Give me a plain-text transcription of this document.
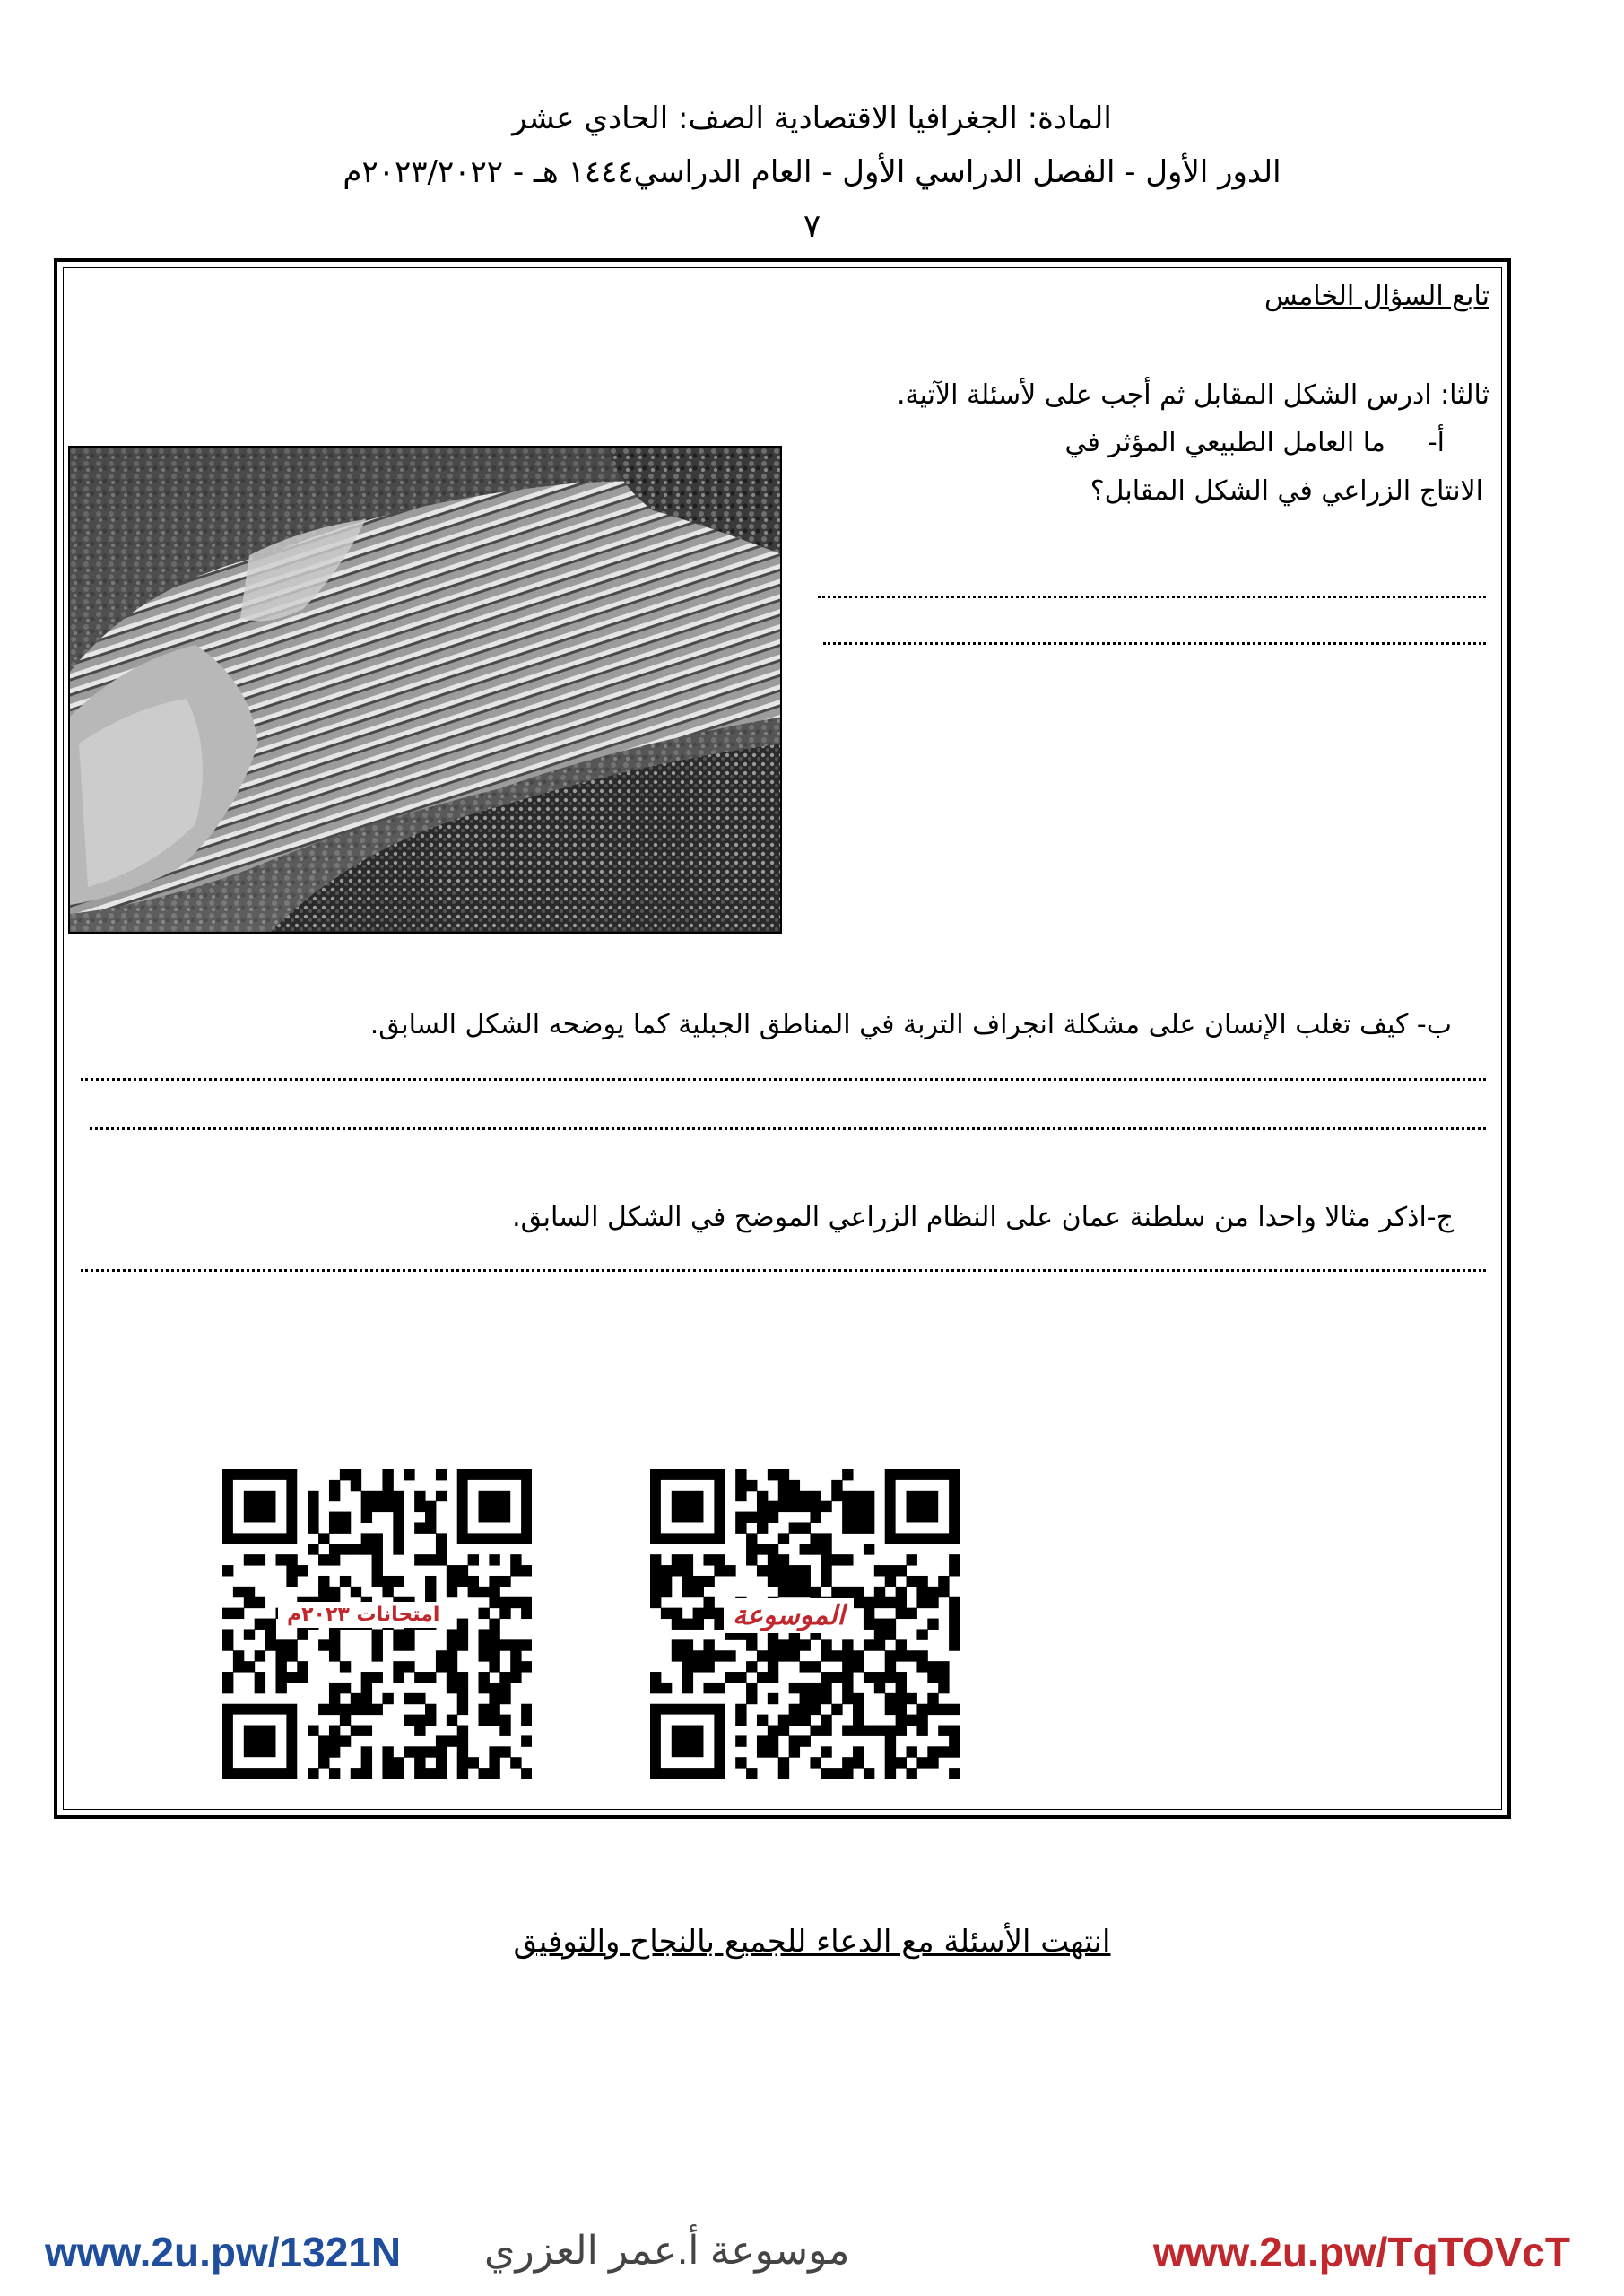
المادة: الجغرافيا الاقتصادية الصف: الحادي عشر
الدور الأول - الفصل الدراسي الأول - العام الدراسي١٤٤٤ هـ - ٢٠٢٣/٢٠٢٢م
٧
تابع السؤال الخامس
ثالثا: ادرس الشكل المقابل ثم أجب على لأسئلة الآتية.
أ-
ما العامل الطبيعي المؤثر في
الانتاج الزراعي في الشكل المقابل؟
ب- كيف تغلب الإنسان على مشكلة انجراف التربة في المناطق الجبلية كما يوضحه الشكل السابق.
ج-اذكر مثالا واحدا من سلطنة عمان على النظام الزراعي الموضح في الشكل السابق.
امتحانات ٢٠٢٣م	الموسوعة
انتهت الأسئلة مع الدعاء للجميع بالنجاح والتوفيق
www.2u.pw/1321N موسوعة أ.عمر العزري	www.2u.pw/TqTOVcT
